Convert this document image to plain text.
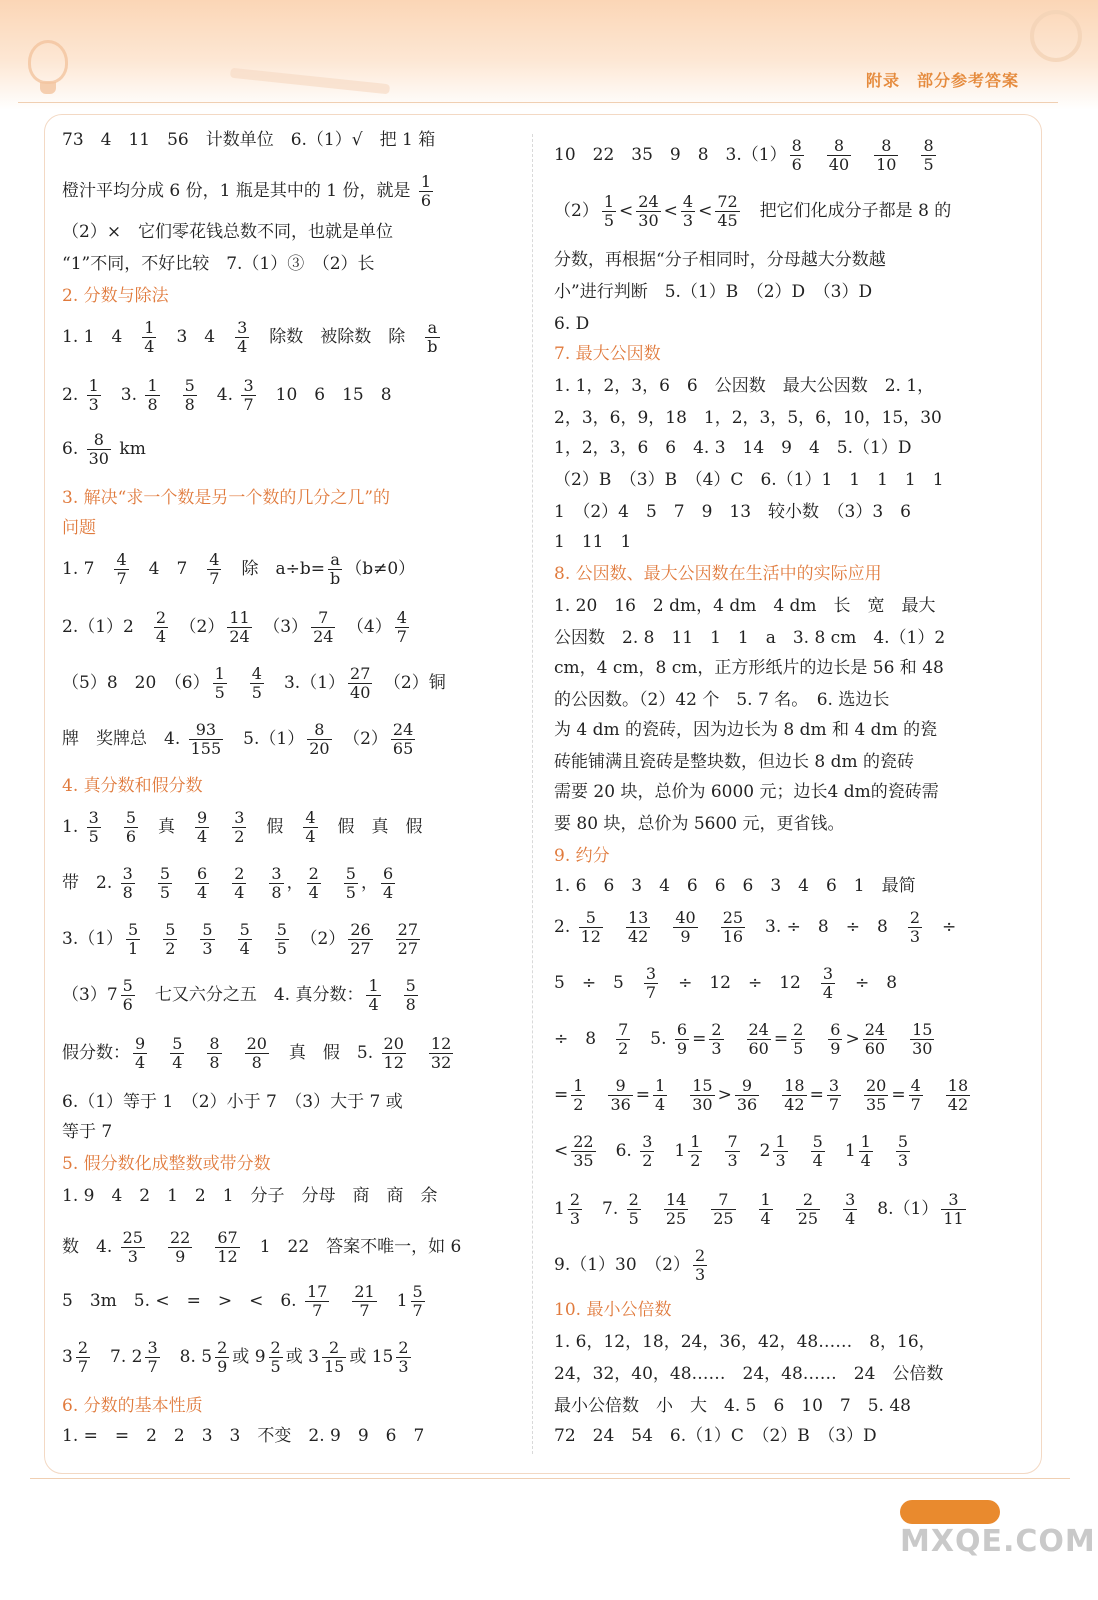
附录　部分参考答案
73　4　11　56　计数单位　6.（1）√　把 1 箱
橙汁平均分成 6 份，1 瓶是其中的 1 份，就是 $\frac{1}{6}$
（2）×　它们零花钱总数不同，也就是单位
“1”不同，不好比较　7.（1）③　（2）长
2. 分数与除法
1. 1　4　 $\frac{1}{4}$ 　3　4　 $\frac{3}{4}$ 　除数　被除数　除　 $\frac{a}{b}$
2. $\frac{1}{3}$ 　3. $\frac{1}{8}$
　 $\frac{5}{8}$ 　4. $\frac{3}{7}$ 　10　6　15　8
6. $\frac{8}{30}$ km
3. 解决“求一个数是另一个数的几分之几”的
问题
1. 7　 $\frac{4}{7}$ 　4　7　 $\frac{4}{7}$ 　除　$a\div b= \frac{a}{b} (b\ne 0)$
2.（1）2　 $\frac{2}{4}$ 　$(2) \frac{11}{24}$ 　$(3) \frac{7}{24}$ 　$(4) \frac{4}{7}$
（5）8　20　$(6) \frac{1}{5}$
　 $\frac{4}{5}$ 　$3.(1) \frac{27}{40}$ 　（2）铜
牌　奖牌总　4. $\frac{93}{155}$ 　$5.(1) \frac{8}{20}$ 　$(2) \frac{24}{65}$
4. 真分数和假分数
1. $\frac{3}{5}$
　 $\frac{5}{6}$ 　真　 $\frac{9}{4}$
　 $\frac{3}{2}$ 　假　 $\frac{4}{4}$ 　假　真　假
带　2. $\frac{3}{8}$
　 $\frac{5}{5}$
　 $\frac{6}{4}$
　 $\frac{2}{4}$
　 $\frac{3}{8}$ ， $\frac{2}{4}$
　 $\frac{5}{5}$ ， $\frac{6}{4}$
$3.(1) \frac{5}{1}$
　 $\frac{5}{2}$
　 $\frac{5}{3}$
　 $\frac{5}{4}$
　 $\frac{5}{5}$ 　$(2) \frac{26}{27}$
　 $\frac{27}{27}$
$(3)7 \frac{5}{6}$ 　七又六分之五　4. 真分数： $\frac{1}{4}$
　 $\frac{5}{8}$
假分数： $\frac{9}{4}$
　 $\frac{5}{4}$
　 $\frac{8}{8}$
　 $\frac{20}{8}$ 　真　假　5. $\frac{20}{12}$
　 $\frac{12}{32}$
6.（1）等于 1　（2）小于 7　（3）大于 7 或
等于 7
5. 假分数化成整数或带分数
1. 9　4　2　1　2　1　分子　分母　商　商　余
数　4. $\frac{25}{3}$
　 $\frac{22}{9}$
　 $\frac{67}{12}$ 　1　22　答案不唯一，如 6
5　3m　5. <　=　>　<　6. $\frac{17}{7}$
　 $\frac{21}{7}$
　 $1 \frac{5}{7}$
$3 \frac{2}{7}$ 　7. $2 \frac{3}{7}$ 　8. $5 \frac{2}{9}$ 或 $9 \frac{2}{5}$ 或 $3 \frac{2}{15}$ 或 $15 \frac{2}{3}$
6. 分数的基本性质
1. =　=　2　2　3　3　不变　2. 9　9　6　7
10　22　35　9　8　$3.(1) \frac{8}{6}$
　 $\frac{8}{40}$
　 $\frac{8}{10}$
　 $\frac{8}{5}$
$(2) \frac{1}{5} < \frac{24}{30} < \frac{4}{3} < \frac{72}{45}$ 　把它们化成分子都是 8 的
分数，再根据“分子相同时，分母越大分数越
小”进行判断　5.（1）B　（2）D　（3）D
6. D
7. 最大公因数
1. 1，2，3，6　6　公因数　最大公因数　2. 1，
2，3，6，9，18　1，2，3，5，6，10，15，30
1，2，3，6　6　4. 3　14　9　4　5.（1）D
（2）B　（3）B　（4）C　6.（1）1　1　1　1　1
1　（2）4　5　7　9　13　较小数　（3）3　6
1　11　1
8. 公因数、最大公因数在生活中的实际应用
1. 20　16　2 dm，4 dm　4 dm　长　宽　最大
公因数　2. 8　11　1　1　a　3. 8 cm　4.（1）2
cm，4 cm，8 cm，正方形纸片的边长是 56 和 48
的公因数。（2）42 个　5. 7 名。　6. 选边长
为 4 dm 的瓷砖，因为边长为 8 dm 和 4 dm 的瓷
砖能铺满且瓷砖是整块数，但边长 8 dm 的瓷砖
需要 20 块，总价为 6000 元；边长4 dm的瓷砖需
要 80 块，总价为 5600 元，更省钱。
9. 约分
1. 6　6　3　4　6　6　6　3　4　6　1　最简
2. $\frac{5}{12}$
　 $\frac{13}{42}$
　 $\frac{40}{9}$
　 $\frac{25}{16}$ 　3. ÷　8　÷　8　 $\frac{2}{3}$ 　÷
5　÷　5　 $\frac{3}{7}$ 　÷　12　÷　12　 $\frac{3}{4}$ 　÷　8
÷　8　 $\frac{7}{2}$ 　5. $\frac{6}{9} = \frac{2}{3}$
　 $\frac{24}{60} = \frac{2}{5}$
　 $\frac{6}{9} > \frac{24}{60}$
　 $\frac{15}{30}$
= $\frac{1}{2}$
　 $\frac{9}{36} = \frac{1}{4}$
　 $\frac{15}{30} > \frac{9}{36}$
　 $\frac{18}{42} = \frac{3}{7}$
　 $\frac{20}{35} = \frac{4}{7}$
　 $\frac{18}{42}$
< $\frac{22}{35}$ 　6. $\frac{3}{2}$
　 $1 \frac{1}{2}$
　 $\frac{7}{3}$
　 $2 \frac{1}{3}$
　 $\frac{5}{4}$
　 $1 \frac{1}{4}$
　 $\frac{5}{3}$
$1 \frac{2}{3}$ 　7. $\frac{2}{5}$
　 $\frac{14}{25}$
　 $\frac{7}{25}$
　 $\frac{1}{4}$
　 $\frac{2}{25}$
　 $\frac{3}{4}$ 　$8.(1) \frac{3}{11}$
9.（1）30　$(2) \frac{2}{3}$
10. 最小公倍数
1. 6，12，18，24，36，42，48……　8，16，
24，32，40，48……　24，48……　24　公倍数
最小公倍数　小　大　4. 5　6　10　7　5. 48
72　24　54　6.（1）C　（2）B　（3）D
MXQE.COM
